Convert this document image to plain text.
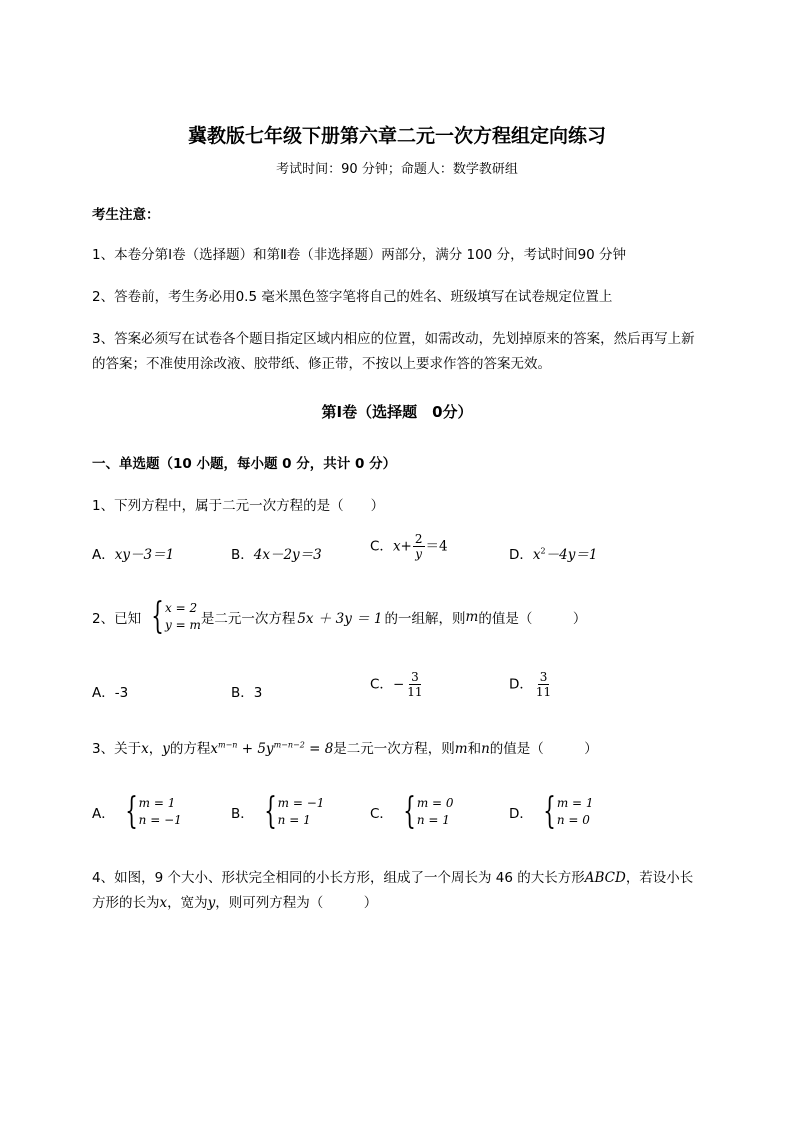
冀教版七年级下册第六章二元一次方程组定向练习
考试时间：90 分钟；命题人：数学教研组
考生注意：
1、本卷分第Ⅰ卷（选择题）和第Ⅱ卷（非选择题）两部分，满分 100 分，考试时间90 分钟
2、答卷前，考生务必用0.5 毫米黑色签字笔将自己的姓名、班级填写在试卷规定位置上
3、答案必须写在试卷各个题目指定区域内相应的位置，如需改动，先划掉原来的答案，然后再写上新
的答案；不准使用涂改液、胶带纸、修正带，不按以上要求作答的答案无效。
第Ⅰ卷（选择题　0分）
一、单选题（10 小题，每小题 0 分，共计 0 分）
1、下列方程中，属于二元一次方程的是（　　）
A．xy－3＝1	B．4x－2y＝3
C．$x+ \frac{2}{y} =4$
D．$x^2-4y=1$
2、已知 { x = 2
y = m 是二元一次方程 5x ＋ 3y ＝ 1 的一组解，则 m 的值是（　　　）
A．-3	B．3
C．− $\frac{3}{11}$	D． $\frac{3}{11}$
3、关于x，y的方程$x^{m-n} + 5y^{m-n-2} = 8$是二元一次方程，则m和n的值是（　　　）
A． { m = 1
n = −1	B． { m = −1
n = 1	C． { m = 0
n = 1	D． { m = 1
n = 0
4、如图，9 个大小、形状完全相同的小长方形，组成了一个周长为 46 的大长方形ABCD，若设小长
方形的长为x，宽为y，则可列方程为（　　　）
